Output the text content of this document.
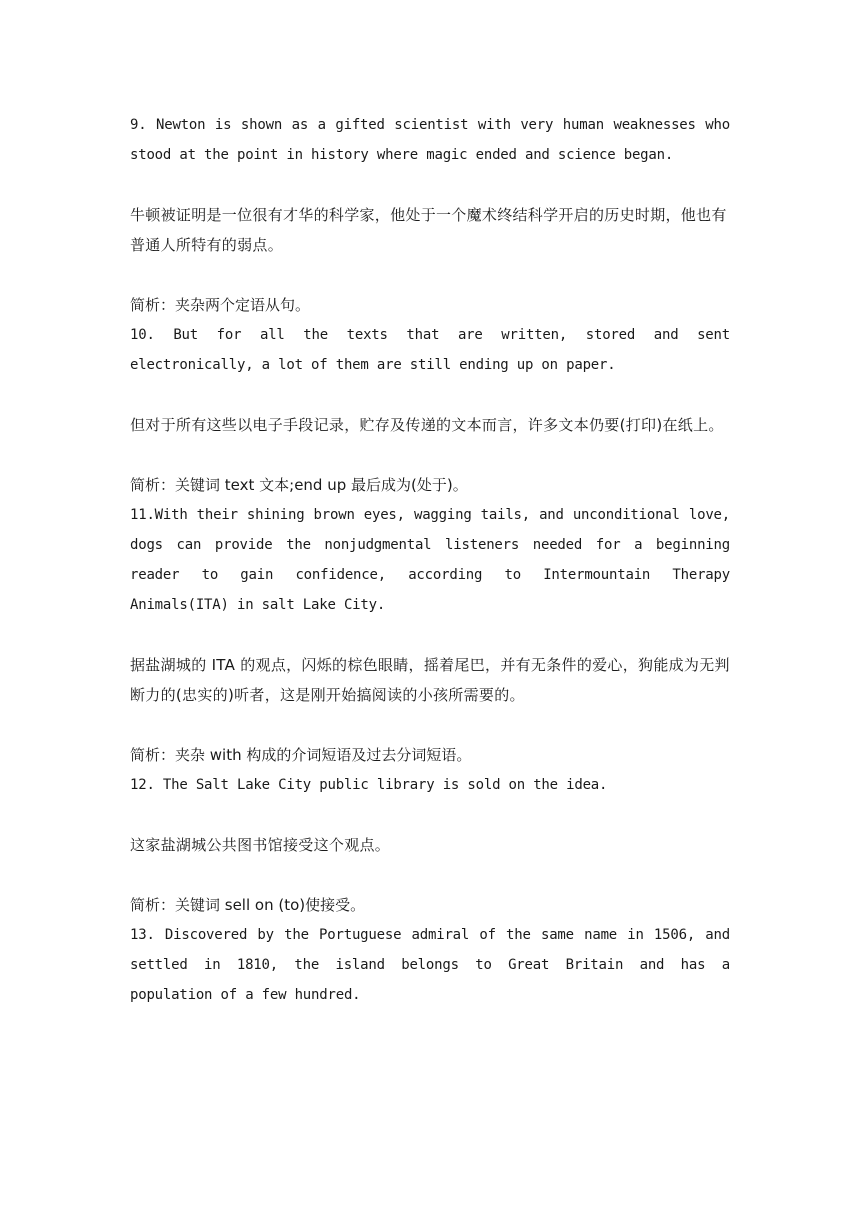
9. Newton is shown as a gifted scientist with very human weaknesses who stood at the point in history where magic ended and science began.

牛顿被证明是一位很有才华的科学家，他处于一个魔术终结科学开启的历史时期，他也有普通人所特有的弱点。

简析：夹杂两个定语从句。

10. But for all the texts that are written, stored and sent electronically, a lot of them are still ending up on paper.

但对于所有这些以电子手段记录，贮存及传递的文本而言，许多文本仍要(打印)在纸上。

简析：关键词 text 文本;end up 最后成为(处于)。

11.With their shining brown eyes, wagging tails, and unconditional love, dogs can provide the nonjudgmental listeners needed for a beginning reader to gain confidence, according to Intermountain Therapy Animals(ITA) in salt Lake City.

据盐湖城的 ITA 的观点，闪烁的棕色眼睛，摇着尾巴，并有无条件的爱心，狗能成为无判断力的(忠实的)听者，这是刚开始搞阅读的小孩所需要的。

简析：夹杂 with 构成的介词短语及过去分词短语。

12. The Salt Lake City public library is sold on the idea.

这家盐湖城公共图书馆接受这个观点。

简析：关键词 sell on (to)使接受。

13. Discovered by the Portuguese admiral of the same name in 1506, and settled in 1810, the island belongs to Great Britain and has a population of a few hundred.
